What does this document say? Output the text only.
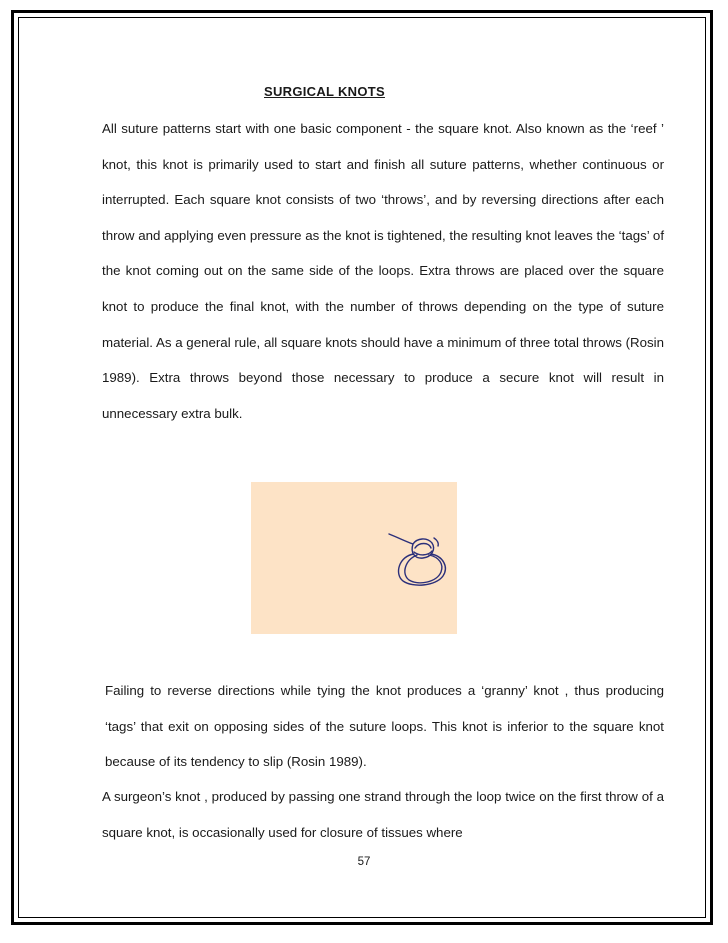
SURGICAL KNOTS

All suture patterns start with one basic component - the square knot. Also known as the ‘reef ’ knot, this knot is primarily used to start and finish all suture patterns, whether continuous or interrupted. Each square knot consists of two ‘throws’, and by reversing directions after each throw and applying even pressure as the knot is tightened, the resulting knot leaves the ‘tags’ of the knot coming out on the same side of the loops. Extra throws are placed over the square knot to produce the final knot, with the number of throws depending on the type of suture material. As a general rule, all square knots should have a minimum of three total throws (Rosin 1989). Extra throws beyond those necessary to produce a secure knot will result in unnecessary extra bulk.

Failing to reverse directions while tying the knot produces a ‘granny’ knot , thus producing ‘tags’ that exit on opposing sides of the suture loops. This knot is inferior to the square knot because of its tendency to slip (Rosin 1989).

A surgeon’s knot , produced by passing one strand through the loop twice on the first throw of a square knot, is occasionally used for closure of tissues where

57
